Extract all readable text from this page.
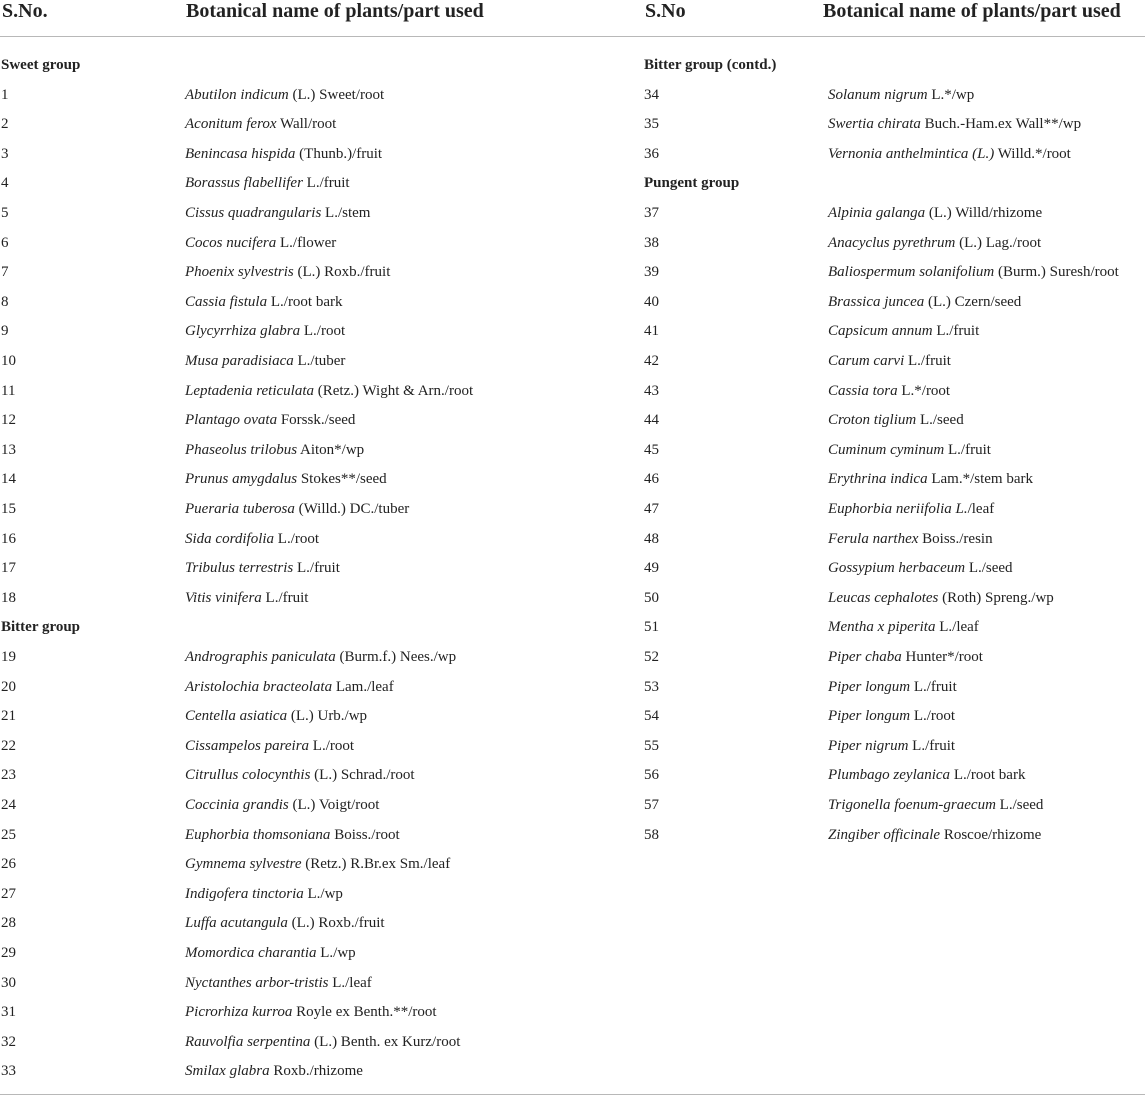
S.No.	Botanical name of plants/part used	S.No	Botanical name of plants/part used
Sweet group
1	Abutilon indicum (L.) Sweet/root
2	Aconitum ferox Wall/root
3	Benincasa hispida (Thunb.)/fruit
4	Borassus flabellifer L./fruit
5	Cissus quadrangularis L./stem
6	Cocos nucifera L./flower
7	Phoenix sylvestris (L.) Roxb./fruit
8	Cassia fistula L./root bark
9	Glycyrrhiza glabra L./root
10	Musa paradisiaca L./tuber
11	Leptadenia reticulata (Retz.) Wight & Arn./root
12	Plantago ovata Forssk./seed
13	Phaseolus trilobus Aiton*/wp
14	Prunus amygdalus Stokes**/seed
15	Pueraria tuberosa (Willd.) DC./tuber
16	Sida cordifolia L./root
17	Tribulus terrestris L./fruit
18	Vitis vinifera L./fruit
Bitter group
19	Andrographis paniculata (Burm.f.) Nees./wp
20	Aristolochia bracteolata Lam./leaf
21	Centella asiatica (L.) Urb./wp
22	Cissampelos pareira L./root
23	Citrullus colocynthis (L.) Schrad./root
24	Coccinia grandis (L.) Voigt/root
25	Euphorbia thomsoniana Boiss./root
26	Gymnema sylvestre (Retz.) R.Br.ex Sm./leaf
27	Indigofera tinctoria L./wp
28	Luffa acutangula (L.) Roxb./fruit
29	Momordica charantia L./wp
30	Nyctanthes arbor-tristis L./leaf
31	Picrorhiza kurroa Royle ex Benth.**/root
32	Rauvolfia serpentina (L.) Benth. ex Kurz/root
33	Smilax glabra Roxb./rhizome
Bitter group (contd.)
34	Solanum nigrum L.*/wp
35	Swertia chirata Buch.-Ham.ex Wall**/wp
36	Vernonia anthelmintica (L.) Willd.*/root
Pungent group
37	Alpinia galanga (L.) Willd/rhizome
38	Anacyclus pyrethrum (L.) Lag./root
39	Baliospermum solanifolium (Burm.) Suresh/root
40	Brassica juncea (L.) Czern/seed
41	Capsicum annum L./fruit
42	Carum carvi L./fruit
43	Cassia tora L.*/root
44	Croton tiglium L./seed
45	Cuminum cyminum L./fruit
46	Erythrina indica Lam.*/stem bark
47	Euphorbia neriifolia L./leaf
48	Ferula narthex Boiss./resin
49	Gossypium herbaceum L./seed
50	Leucas cephalotes (Roth) Spreng./wp
51	Mentha x piperita L./leaf
52	Piper chaba Hunter*/root
53	Piper longum L./fruit
54	Piper longum L./root
55	Piper nigrum L./fruit
56	Plumbago zeylanica L./root bark
57	Trigonella foenum-graecum L./seed
58	Zingiber officinale Roscoe/rhizome
